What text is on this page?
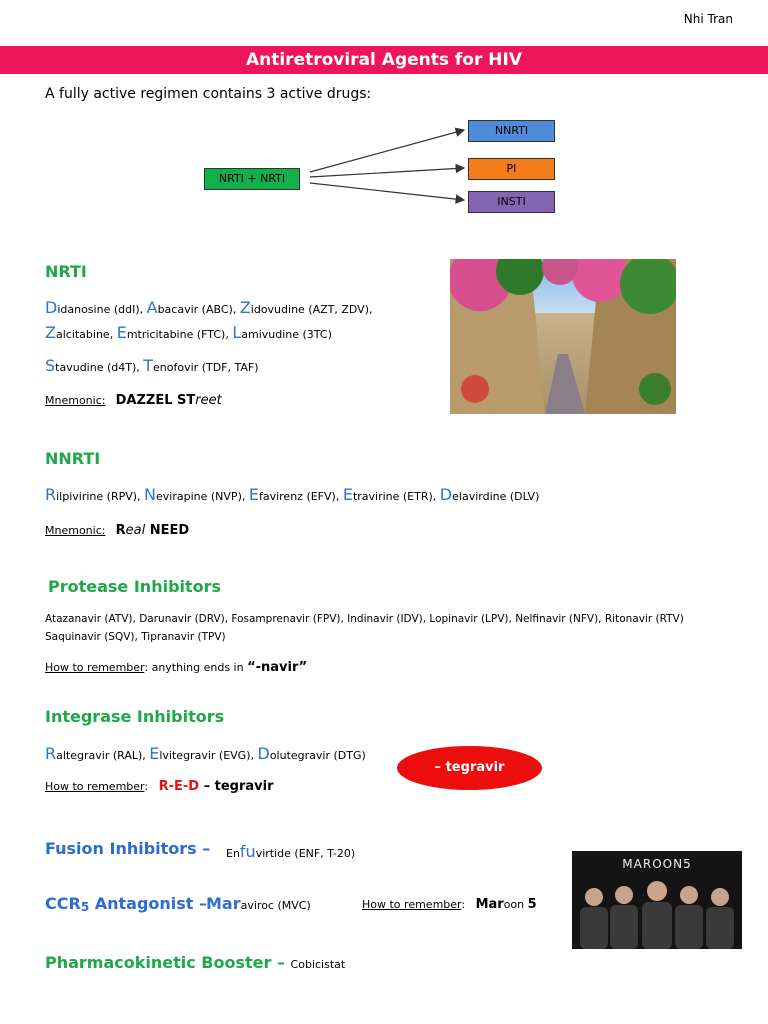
Nhi Tran
Antiretroviral Agents for HIV
A fully active regimen contains 3 active drugs:
NRTI + NRTI
NNRTI
PI
INSTI
NRTI
Didanosine (ddI), Abacavir (ABC), Zidovudine (AZT, ZDV),
Zalcitabine, Emtricitabine (FTC), Lamivudine (3TC)
Stavudine (d4T), Tenofovir (TDF, TAF)
Mnemonic: DAZZEL STreet
NNRTI
Rilpivirine (RPV), Nevirapine (NVP), Efavirenz (EFV), Etravirine (ETR), Delavirdine (DLV)
Mnemonic: Real NEED
Protease Inhibitors
Atazanavir (ATV), Darunavir (DRV), Fosamprenavir (FPV), Indinavir (IDV), Lopinavir (LPV), Nelfinavir (NFV), Ritonavir (RTV)
Saquinavir (SQV), Tipranavir (TPV)
How to remember: anything ends in “-navir”
Integrase Inhibitors
Raltegravir (RAL), Elvitegravir (EVG), Dolutegravir (DTG)
How to remember:   R-E-D – tegravir
– tegravir
Fusion Inhibitors – Enfuvirtide (ENF, T-20)
CCR5 Antagonist –
Maraviroc (MVC)	How to remember:   Maroon 5
MAROON5
Pharmacokinetic Booster – Cobicistat
